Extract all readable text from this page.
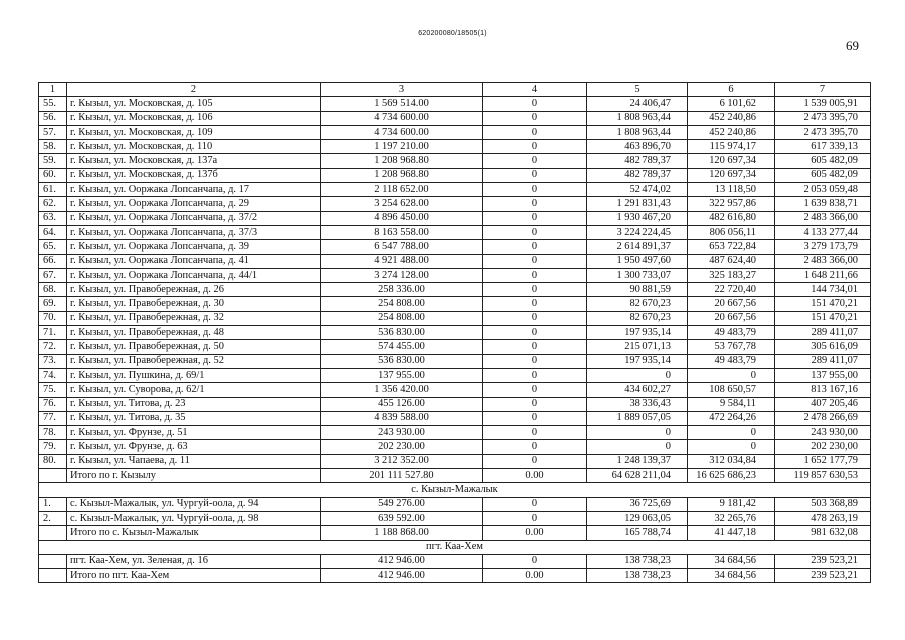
620200080/18505(1)
69
1	2	3	4	5	6	7
55.	г. Кызыл, ул. Московская, д. 105	1 569 514.00	0	24 406,47	6 101,62	1 539 005,91
56.	г. Кызыл, ул. Московская, д. 106	4 734 600.00	0	1 808 963,44	452 240,86	2 473 395,70
57.	г. Кызыл, ул. Московская, д. 109	4 734 600.00	0	1 808 963,44	452 240,86	2 473 395,70
58.	г. Кызыл, ул. Московская, д. 110	1 197 210.00	0	463 896,70	115 974,17	617 339,13
59.	г. Кызыл, ул. Московская, д. 137а	1 208 968.80	0	482 789,37	120 697,34	605 482,09
60.	г. Кызыл, ул. Московская, д. 137б	1 208 968.80	0	482 789,37	120 697,34	605 482,09
61.	г. Кызыл, ул. Ооржака Лопсанчапа, д. 17	2 118 652.00	0	52 474,02	13 118,50	2 053 059,48
62.	г. Кызыл, ул. Ооржака Лопсанчапа, д. 29	3 254 628.00	0	1 291 831,43	322 957,86	1 639 838,71
63.	г. Кызыл, ул. Ооржака Лопсанчапа, д. 37/2	4 896 450.00	0	1 930 467,20	482 616,80	2 483 366,00
64.	г. Кызыл, ул. Ооржака Лопсанчапа, д. 37/3	8 163 558.00	0	3 224 224,45	806 056,11	4 133 277,44
65.	г. Кызыл, ул. Ооржака Лопсанчапа, д. 39	6 547 788.00	0	2 614 891,37	653 722,84	3 279 173,79
66.	г. Кызыл, ул. Ооржака Лопсанчапа, д. 41	4 921 488.00	0	1 950 497,60	487 624,40	2 483 366,00
67.	г. Кызыл, ул. Ооржака Лопсанчапа, д. 44/1	3 274 128.00	0	1 300 733,07	325 183,27	1 648 211,66
68.	г. Кызыл, ул. Правобережная, д. 26	258 336.00	0	90 881,59	22 720,40	144 734,01
69.	г. Кызыл, ул. Правобережная, д. 30	254 808.00	0	82 670,23	20 667,56	151 470,21
70.	г. Кызыл, ул. Правобережная, д. 32	254 808.00	0	82 670,23	20 667,56	151 470,21
71.	г. Кызыл, ул. Правобережная, д. 48	536 830.00	0	197 935,14	49 483,79	289 411,07
72.	г. Кызыл, ул. Правобережная, д. 50	574 455.00	0	215 071,13	53 767,78	305 616,09
73.	г. Кызыл, ул. Правобережная, д. 52	536 830.00	0	197 935,14	49 483,79	289 411,07
74.	г. Кызыл, ул. Пушкина, д. 69/1	137 955.00	0	0	0	137 955,00
75.	г. Кызыл, ул. Суворова, д. 62/1	1 356 420.00	0	434 602,27	108 650,57	813 167,16
76.	г. Кызыл, ул. Титова, д. 23	455 126.00	0	38 336,43	9 584,11	407 205,46
77.	г. Кызыл, ул. Титова, д. 35	4 839 588.00	0	1 889 057,05	472 264,26	2 478 266,69
78.	г. Кызыл, ул. Фрунзе, д. 51	243 930.00	0	0	0	243 930,00
79.	г. Кызыл, ул. Фрунзе, д. 63	202 230.00	0	0	0	202 230,00
80.	г. Кызыл, ул. Чапаева, д. 11	3 212 352.00	0	1 248 139,37	312 034,84	1 652 177,79
	Итого по г. Кызылу	201 111 527.80	0.00	64 628 211,04	16 625 686,23	119 857 630,53
с. Кызыл-Мажалык						
1.	с. Кызыл-Мажалык, ул. Чургуй-оола, д. 94	549 276.00	0	36 725,69	9 181,42	503 368,89
2.	с. Кызыл-Мажалык, ул. Чургуй-оола, д. 98	639 592.00	0	129 063,05	32 265,76	478 263,19
	Итого по с. Кызыл-Мажалык	1 188 868.00	0.00	165 788,74	41 447,18	981 632,08
пгт. Каа-Хем						
	пгт. Каа-Хем, ул. Зеленая, д. 16	412 946.00	0	138 738,23	34 684,56	239 523,21
	Итого по пгт. Каа-Хем	412 946.00	0.00	138 738,23	34 684,56	239 523,21
